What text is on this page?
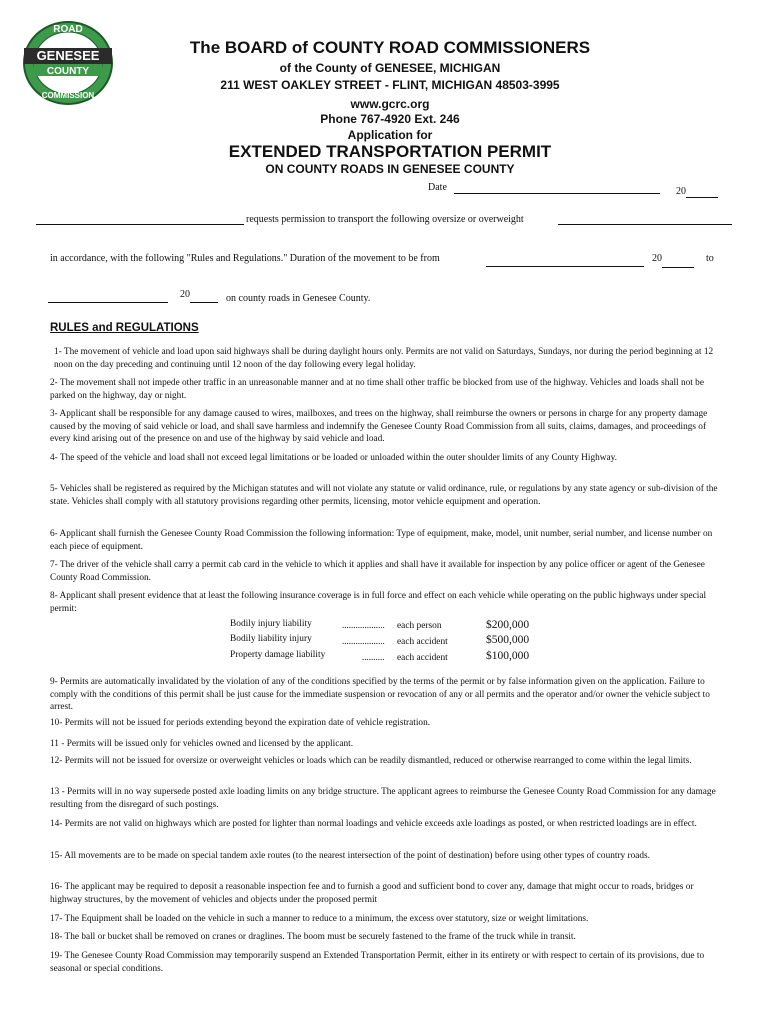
ROAD
GENESEE
COUNTY
COMMISSION
The BOARD of COUNTY ROAD COMMISSIONERS
of the County of GENESEE, MICHIGAN
211 WEST OAKLEY STREET - FLINT, MICHIGAN 48503-3995
www.gcrc.org
Phone 767-4920 Ext. 246
Application for
EXTENDED TRANSPORTATION PERMIT
ON COUNTY ROADS IN GENESEE COUNTY
Date	20
requests permission to transport the following oversize or overweight
in accordance, with the following "Rules and Regulations." Duration of the movement to be from	20	to
20	on county roads in Genesee County.
RULES and REGULATIONS
1- The movement of vehicle and load upon said highways shall be during daylight hours only. Permits are not valid on Saturdays, Sundays, nor during the period beginning at 12 noon on the day preceding and continuing until 12 noon of the day following every legal holiday.
2- The movement shall not impede other traffic in an unreasonable manner and at no time shall other traffic be blocked from use of the highway. Vehicles and loads shall not be parked on the highway, day or night.
3- Applicant shall be responsible for any damage caused to wires, mailboxes, and trees on the highway, shall reimburse the owners or persons in charge for any property damage caused by the moving of said vehicle or load, and shall save harmless and indemnify the Genesee County Road Commission from all suits, claims, damages, and proceedings of every kind arising out of the presence on and use of the highway by said vehicle and load.
4- The speed of the vehicle and load shall not exceed legal limitations or be loaded or unloaded within the outer shoulder limits of any County Highway.
5- Vehicles shall be registered as required by the Michigan statutes and will not violate any statute or valid ordinance, rule, or regulations by any state agency or sub-division of the state. Vehicles shall comply with all statutory provisions regarding other permits, licensing, motor vehicle equipment and operation.
6- Applicant shall furnish the Genesee County Road Commission the following information: Type of equipment, make, model, unit number, serial number, and license number on each piece of equipment.
7- The driver of the vehicle shall carry a permit cab card in the vehicle to which it applies and shall have it available for inspection by any police officer or agent of the Genesee County Road Commission.
8- Applicant shall present evidence that at least the following insurance coverage is in full force and effect on each vehicle while operating on the public highways under special permit:
Bodily injury liability	................... each person	$200,000
Bodily liability injury	................... each accident	$500,000
Property damage liability	.......... each accident	$100,000
9- Permits are automatically invalidated by the violation of any of the conditions specified by the terms of the permit or by false information given on the application. Failure to comply with the conditions of this permit shall be just cause for the immediate suspension or revocation of any or all permits and the operator and/or owner the vehicle subject to arrest.
10- Permits will not be issued for periods extending beyond the expiration date of vehicle registration.
11 - Permits will be issued only for vehicles owned and licensed by the applicant.
12- Permits will not be issued for oversize or overweight vehicles or loads which can be readily dismantled, reduced or otherwise rearranged to come within the legal limits.
13 - Permits will in no way supersede posted axle loading limits on any bridge structure. The applicant agrees to reimburse the Genesee County Road Commission for any damage resulting from the disregard of such postings.
14- Permits are not valid on highways which are posted for lighter than normal loadings and vehicle exceeds axle loadings as posted, or when restricted loadings are in effect.
15- All movements are to be made on special tandem axle routes (to the nearest intersection of the point of destination) before using other types of country roads.
16- The applicant may be required to deposit a reasonable inspection fee and to furnish a good and sufficient bond to cover any, damage that might occur to roads, bridges or highway structures, by the movement of vehicles and objects under the proposed permit
17- The Equipment shall be loaded on the vehicle in such a manner to reduce to a minimum, the excess over statutory, size or weight limitations.
18- The ball or bucket shall be removed on cranes or draglines. The boom must be securely fastened to the frame of the truck while in transit.
19- The Genesee County Road Commission may temporarily suspend an Extended Transportation Permit, either in its entirety or with respect to certain of its provisions, due to seasonal or special conditions.
